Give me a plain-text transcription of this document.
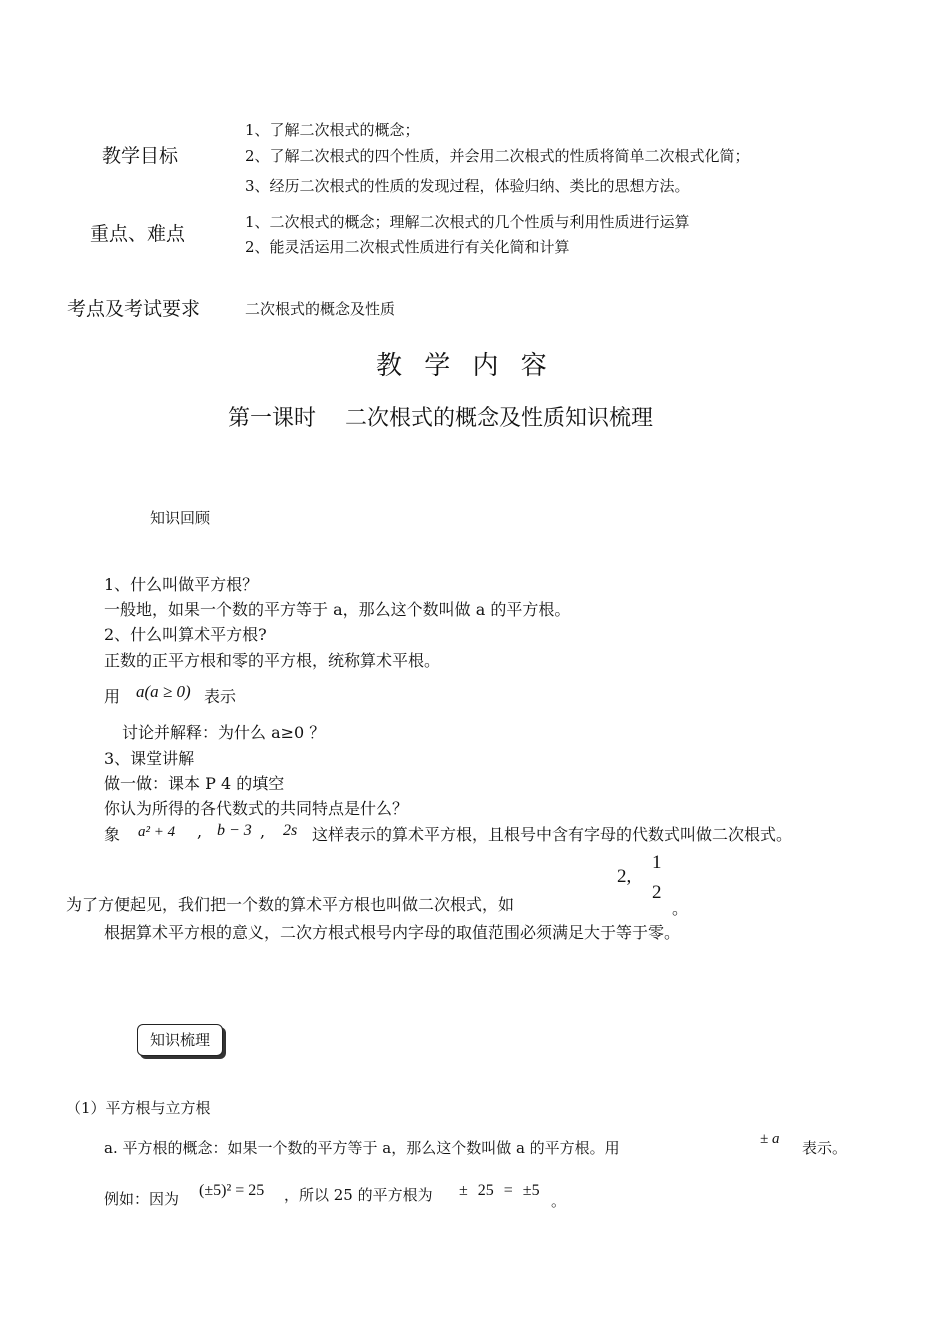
教学目标
1、了解二次根式的概念；
2、了解二次根式的四个性质，并会用二次根式的性质将简单二次根式化简；
3、经历二次根式的性质的发现过程，体验归纳、类比的思想方法。
重点、难点
1、二次根式的概念；理解二次根式的几个性质与利用性质进行运算
2、能灵活运用二次根式性质进行有关化简和计算
考点及考试要求	二次根式的概念及性质
教 学 内 容
第一课时　 二次根式的概念及性质知识梳理
知识回顾
1、什么叫做平方根？
一般地，如果一个数的平方等于 a，那么这个数叫做 a 的平方根。
2、什么叫算术平方根?
正数的正平方根和零的平方根，统称算术平根。
用 a(a ≥ 0) 表示
讨论并解释：为什么 a≥0 ？
3、课堂讲解
做一做：课本 P 4 的填空
你认为所得的各代数式的共同特点是什么？
象 a² + 4 , b − 3 , 2s 这样表示的算术平方根，且根号中含有字母的代数式叫做二次根式。
为了方便起见，我们把一个数的算术平方根也叫做二次根式，如
2,
1
2
。
根据算术平方根的意义，二次方根式根号内字母的取值范围必须满足大于等于零。
知识梳理
（1）平方根与立方根
a. 平方根的概念：如果一个数的平方等于 a，那么这个数叫做 a 的平方根。用	± a 表示。
例如：因为 (±5)² = 25 ，所以 25 的平方根为 ± 25 = ±5
。
